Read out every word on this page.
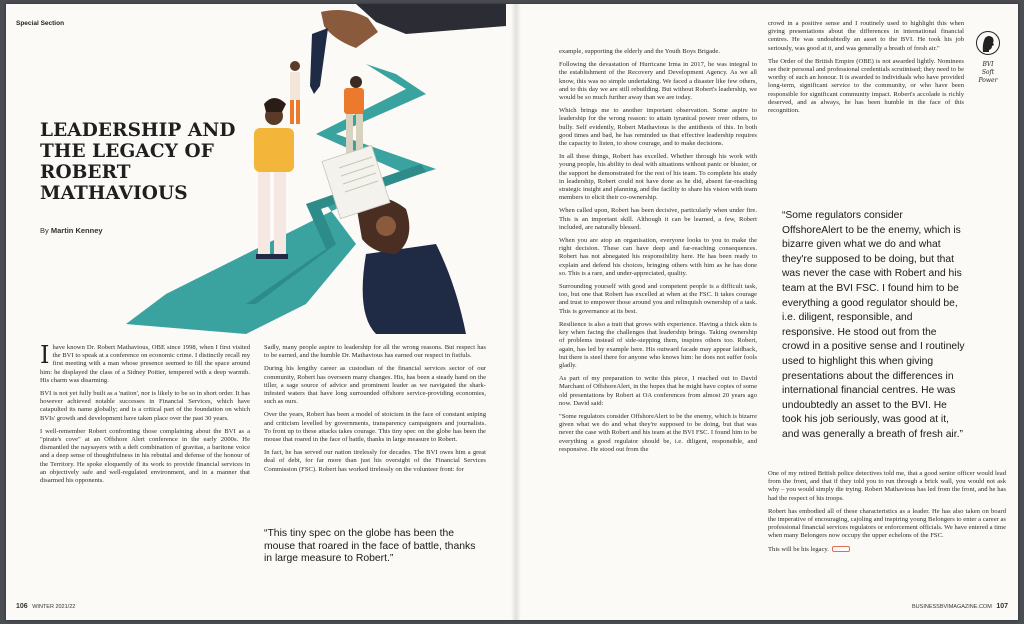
Special Section
LEADERSHIP AND THE LEGACY OF ROBERT MATHAVIOUS
By Martin Kenney

Ihave known Dr. Robert Mathavious, OBE since 1998, when I first visited the BVI to speak at a conference on economic crime. I distinctly recall my first meeting with a man whose presence seemed to fill the space around him: he displayed the class of a Sidney Poitier, tempered with a deep warmth. His charm was disarming.

BVI is not yet fully built as a 'nation', nor is likely to be so in short order. It has however achieved notable successes in Financial Services, which have catapulted its name globally; and is a critical part of the foundation on which BVIs' growth and development have taken place over the past 30 years.

I well-remember Robert confronting those complaining about the BVI as a "pirate's cove" at an Offshore Alert conference in the early 2000s. He dismantled the naysayers with a deft combination of gravitas, a baritone voice and a deep sense of thoughtfulness in his rebuttal and defense of the honour of the Territory. He spoke eloquently of its work to provide financial services in an objectively safe and well-regulated environment, and in a manner that disarmed his opponents.

Sadly, many people aspire to leadership for all the wrong reasons. But respect has to be earned, and the humble Dr. Mathavious has earned our respect in fistfuls.

During his lengthy career as custodian of the financial services sector of our community, Robert has overseen many changes. His, has been a steady hand on the tiller, a sage source of advice and prominent leader as we navigated the shark-infested waters that have long surrounded offshore service-providing economies, such as ours.

Over the years, Robert has been a model of stoicism in the face of constant sniping and criticism levelled by governments, transparency campaigners and journalists. To front up to these attacks takes courage. This tiny spec on the globe has been the mouse that roared in the face of battle, thanks in large measure to Robert.

In fact, he has served our nation tirelessly for decades. The BVI owes him a great deal of debt, for far more than just his oversight of the Financial Services Commission (FSC). Robert has worked tirelessly on the volunteer front: for

“This tiny spec on the globe has been the mouse that roared in the face of battle, thanks in large measure to Robert.”

example, supporting the elderly and the Youth Boys Brigade.

Following the devastation of Hurricane Irma in 2017, he was integral to the establishment of the Recovery and Development Agency. As we all know, this was no simple undertaking. We faced a disaster like few others, and to this day we are still rebuilding. But without Robert's leadership, we would be so much further away than we are today.

Which brings me to another important observation. Some aspire to leadership for the wrong reason: to attain tyranical power over others, to bully. Self evidently, Robert Mathavious is the antithesis of this. In both good times and bad, he has reminded us that effective leadership requires the capacity to listen, to show courage, and to make decisions.

In all these things, Robert has excelled. Whether through his work with young people, his ability to deal with situations without panic or bluster, or the support he demonstrated for the rest of his team. To complete his study in leadership, Robert could not have done as he did, absent far-reaching strategic insight and planning, and the facility to share his vision with team members to elicit their co-ownership.

When called upon, Robert has been decisive, particularly when under fire. This is an important skill. Although it can be learned, a few, Robert included, are naturally blessed.

When you are atop an organisation, everyone looks to you to make the right decision. These can have deep and far-reaching consequences. Robert has not abnegated his responsibility here. He has been ready to explain and defend his choices, bringing others with him as he has done so. This is a rare, and under-appreciated, quality.

Surrounding yourself with good and competent people is a difficult task, too, but one that Robert has excelled at when at the FSC. It takes courage and trust to empower those around you and relinquish ownership of a task. This is governance at its best.

Resilience is also a trait that grows with experience. Having a thick skin is key when facing the challenges that leadership brings. Taking ownership of problems instead of side-stepping them, inspires others too. Robert, again, has led by example here. His outward facade may appear laidback, but there is steel there for anyone who knows him: he does not suffer fools gladly.

As part of my preparation to write this piece, I reached out to David Marchant of OffshoreAlert, in the hopes that he might have copies of some old presentations by Robert at OA conferences from almost 20 years ago now. David said:

"Some regulators consider OffshoreAlert to be the enemy, which is bizarre given what we do and what they're supposed to be doing, but that was never the case with Robert and his team at the BVI FSC. I found him to be everything a good regulator should be, i.e. diligent, responsible, and responsive. He stood out from the

crowd in a positive sense and I routinely used to highlight this when giving presentations about the differences in international financial centres. He was undoubtedly an asset to the BVI. He took his job seriously, was good at it, and was generally a breath of fresh air."

The Order of the British Empire (OBE) is not awarded lightly. Nominees see their personal and professional credentials scrutinised; they need to be worthy of such an honour. It is awarded to individuals who have provided long-term, significant service to the community, or who have been responsible for significant community impact. Robert's accolade is richly deserved, and as always, he has been humble in the face of this recognition.

“Some regulators consider OffshoreAlert to be the enemy, which is bizarre given what we do and what they're supposed to be doing, but that was never the case with Robert and his team at the BVI FSC. I found him to be everything a good regulator should be, i.e. diligent, responsible, and responsive. He stood out from the crowd in a positive sense and I routinely used to highlight this when giving presentations about the differences in international financial centres. He was undoubtedly an asset to the BVI. He took his job seriously, was good at it, and was generally a breath of fresh air.”

One of my retired British police detectives told me, that a good senior officer would lead from the front, and that if they told you to run through a brick wall, you would not ask why – you would simply die trying. Robert Mathavious has led from the front, and he has had the respect of his troops.

Robert has embodied all of these characteristics as a leader. He has also taken on board the imperative of encouraging, cajoling and inspiring young Belongers to enter a career as professional financial services regulators or enforcement officials. We have entered a time when many Belongers now occupy the upper echelons of the FSC.

This will be his legacy.

BVI
Soft
Power
106 WINTER 2021/22	BUSINESSBVIMAGAZINE.COM 107
